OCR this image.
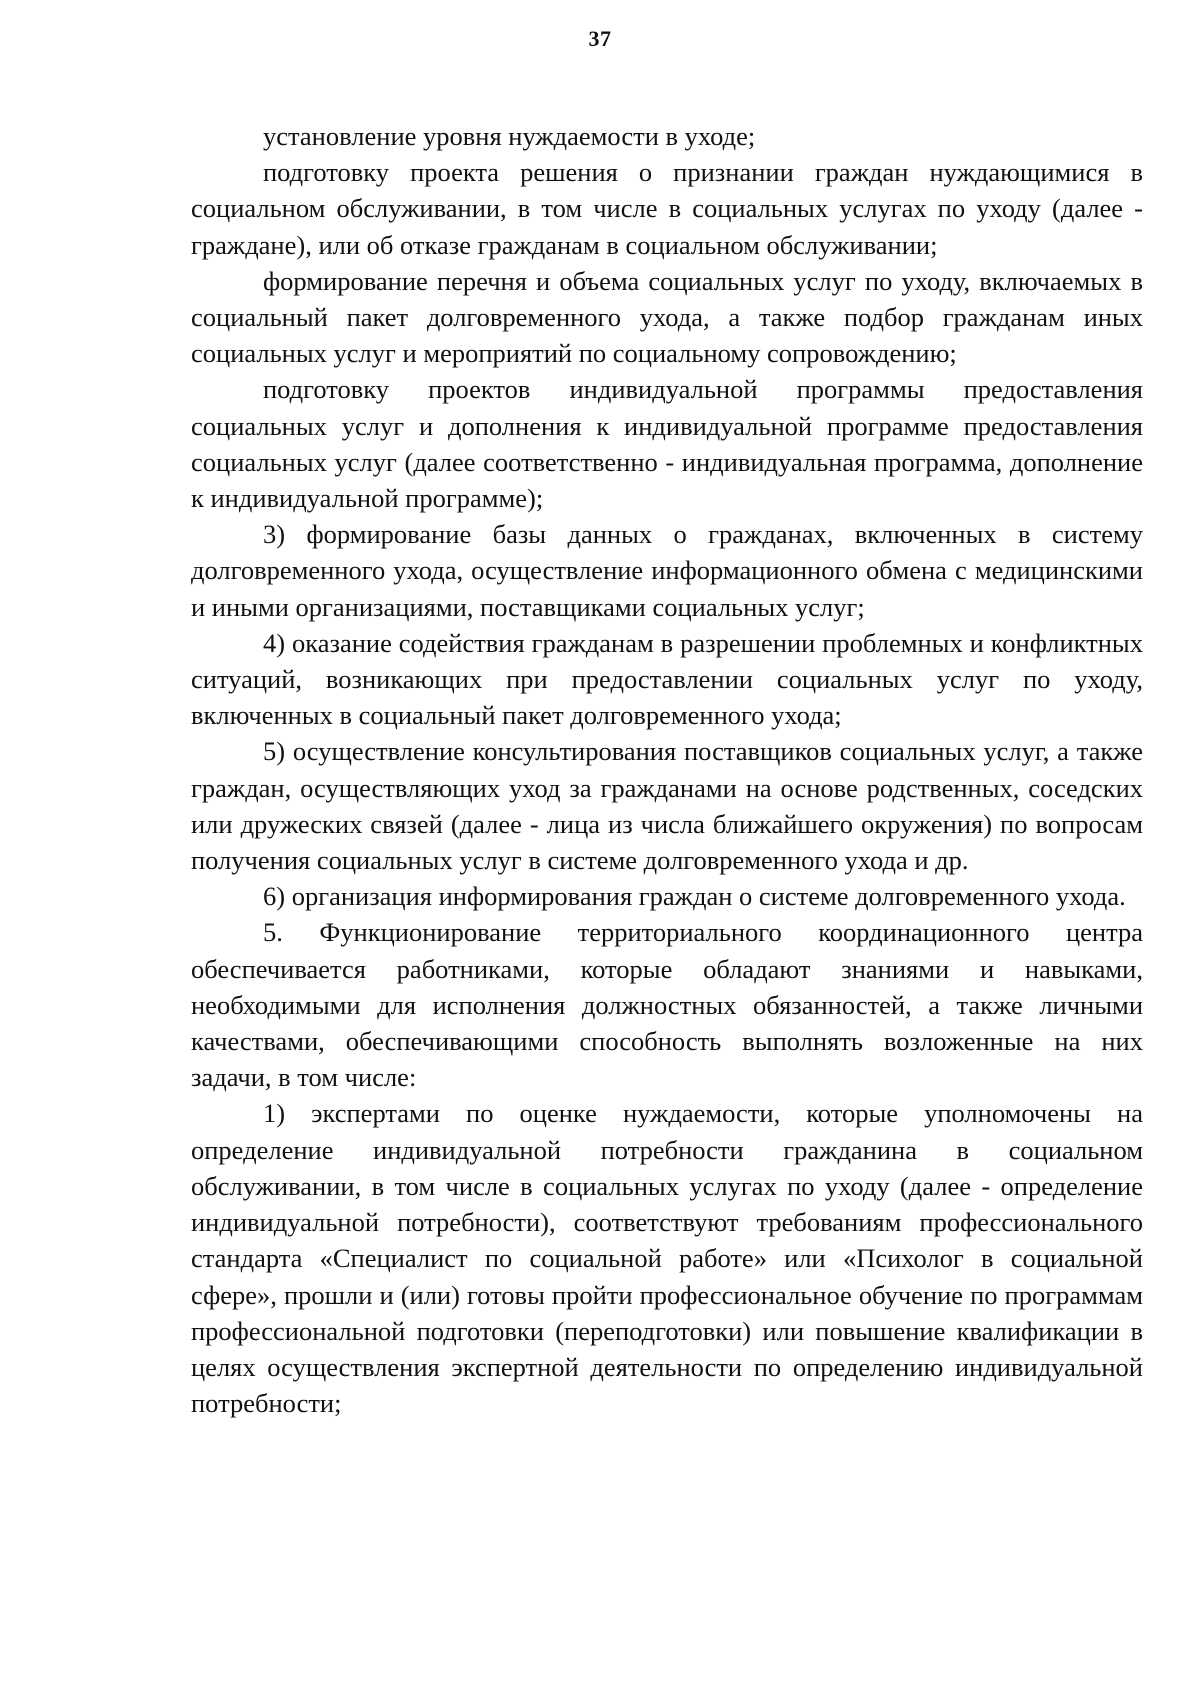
37

установление уровня нуждаемости в уходе;

подготовку проекта решения о признании граждан нуждающимися в социальном обслуживании, в том числе в социальных услугах по уходу (далее - граждане), или об отказе гражданам в социальном обслуживании;

формирование перечня и объема социальных услуг по уходу, включаемых в социальный пакет долговременного ухода, а также подбор гражданам иных социальных услуг и мероприятий по социальному сопровождению;

подготовку проектов индивидуальной программы предоставления социальных услуг и дополнения к индивидуальной программе предоставления социальных услуг (далее соответственно - индивидуальная программа, дополнение к индивидуальной программе);

3) формирование базы данных о гражданах, включенных в систему долговременного ухода, осуществление информационного обмена с медицинскими и иными организациями, поставщиками социальных услуг;

4) оказание содействия гражданам в разрешении проблемных и конфликтных ситуаций, возникающих при предоставлении социальных услуг по уходу, включенных в социальный пакет долговременного ухода;

5) осуществление консультирования поставщиков социальных услуг, а также граждан, осуществляющих уход за гражданами на основе родственных, соседских или дружеских связей (далее - лица из числа ближайшего окружения) по вопросам получения социальных услуг в системе долговременного ухода и др.

6) организация информирования граждан о системе долговременного ухода.

5. Функционирование территориального координационного центра обеспечивается работниками, которые обладают знаниями и навыками, необходимыми для исполнения должностных обязанностей, а также личными качествами, обеспечивающими способность выполнять возложенные на них задачи, в том числе:

1) экспертами по оценке нуждаемости, которые уполномочены на определение индивидуальной потребности гражданина в социальном обслуживании, в том числе в социальных услугах по уходу (далее - определение индивидуальной потребности), соответствуют требованиям профессионального стандарта «Специалист по социальной работе» или «Психолог в социальной сфере», прошли и (или) готовы пройти профессиональное обучение по программам профессиональной подготовки (переподготовки) или повышение квалификации в целях осуществления экспертной деятельности по определению индивидуальной потребности;
